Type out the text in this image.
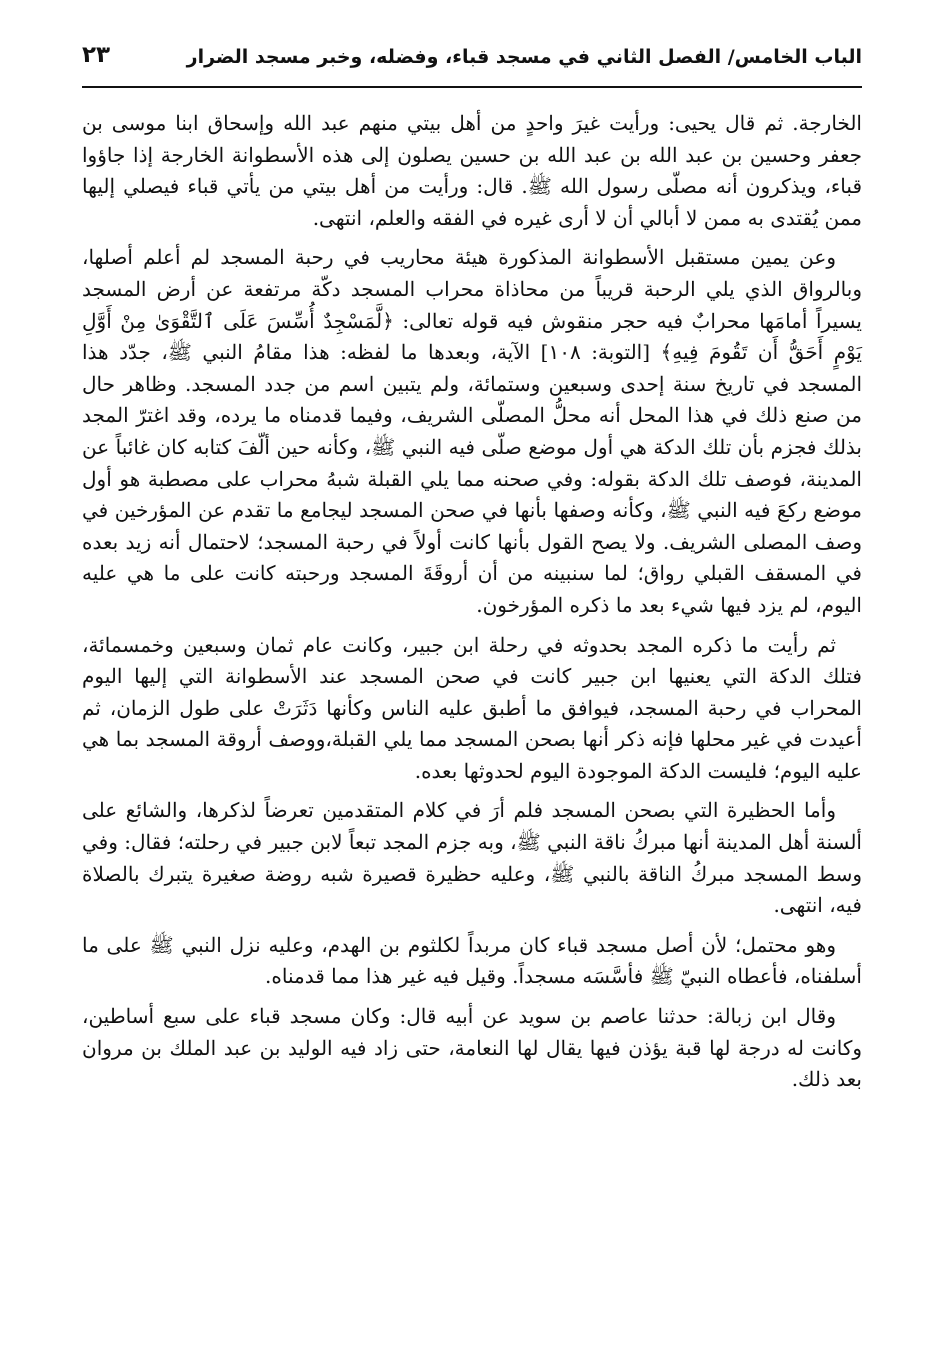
الباب الخامس/ الفصل الثاني في مسجد قباء، وفضله، وخبر مسجد الضرار
٢٣

الخارجة. ثم قال يحيى: ورأيت غيرَ واحدٍ من أهل بيتي منهم عبد الله وإسحاق ابنا موسى بن جعفر وحسين بن عبد الله بن عبد الله بن حسين يصلون إلى هذه الأسطوانة الخارجة إذا جاؤوا قباء، ويذكرون أنه مصلّى رسول الله ﷺ. قال: ورأيت من أهل بيتي من يأتي قباء فيصلي إليها ممن يُقتدى به ممن لا أبالي أن لا أرى غيره في الفقه والعلم، انتهى.

وعن يمين مستقبل الأسطوانة المذكورة هيئة محاريب في رحبة المسجد لم أعلم أصلها، وبالرواق الذي يلي الرحبة قريباً من محاذاة محراب المسجد دكّة مرتفعة عن أرض المسجد يسيراً أمامَها محرابٌ فيه حجر منقوش فيه قوله تعالى: ﴿لَّمَسْجِدٌ أُسِّسَ عَلَى ٱلتَّقْوَىٰ مِنْ أَوَّلِ يَوْمٍ أَحَقُّ أَن تَقُومَ فِيهِ﴾ [التوبة: ١٠٨] الآية، وبعدها ما لفظه: هذا مقامُ النبي ﷺ، جدّد هذا المسجد في تاريخ سنة إحدى وسبعين وستمائة، ولم يتبين اسم من جدد المسجد. وظاهر حال من صنع ذلك في هذا المحل أنه محلُّ المصلّى الشريف، وفيما قدمناه ما يرده، وقد اغترّ المجد بذلك فجزم بأن تلك الدكة هي أول موضع صلّى فيه النبي ﷺ، وكأنه حين ألّفَ كتابه كان غائباً عن المدينة، فوصف تلك الدكة بقوله: وفي صحنه مما يلي القبلة شبهُ محراب على مصطبة هو أول موضع ركعَ فيه النبي ﷺ، وكأنه وصفها بأنها في صحن المسجد ليجامع ما تقدم عن المؤرخين في وصف المصلى الشريف. ولا يصح القول بأنها كانت أولاً في رحبة المسجد؛ لاحتمال أنه زيد بعده في المسقف القبلي رواق؛ لما سنبينه من أن أروقَةَ المسجد ورحبته كانت على ما هي عليه اليوم، لم يزد فيها شيء بعد ما ذكره المؤرخون.

ثم رأيت ما ذكره المجد بحدوثه في رحلة ابن جبير، وكانت عام ثمان وسبعين وخمسمائة، فتلك الدكة التي يعنيها ابن جبير كانت في صحن المسجد عند الأسطوانة التي إليها اليوم المحراب في رحبة المسجد، فيوافق ما أطبق عليه الناس وكأنها دَثَرَتْ على طول الزمان، ثم أعيدت في غير محلها فإنه ذكر أنها بصحن المسجد مما يلي القبلة،ووصف أروقة المسجد بما هي عليه اليوم؛ فليست الدكة الموجودة اليوم لحدوثها بعده.

وأما الحظيرة التي بصحن المسجد فلم أرَ في كلام المتقدمين تعرضاً لذكرها، والشائع على ألسنة أهل المدينة أنها مبركُ ناقة النبي ﷺ، وبه جزم المجد تبعاً لابن جبير في رحلته؛ فقال: وفي وسط المسجد مبركُ الناقة بالنبي ﷺ، وعليه حظيرة قصيرة شبه روضة صغيرة يتبرك بالصلاة فيه، انتهى.

وهو محتمل؛ لأن أصل مسجد قباء كان مربداً لكلثوم بن الهدم، وعليه نزل النبي ﷺ على ما أسلفناه، فأعطاه النبيّ ﷺ فأسَّسَه مسجداً. وقيل فيه غير هذا مما قدمناه.

وقال ابن زبالة: حدثنا عاصم بن سويد عن أبيه قال: وكان مسجد قباء على سبع أساطين، وكانت له درجة لها قبة يؤذن فيها يقال لها النعامة، حتى زاد فيه الوليد بن عبد الملك بن مروان بعد ذلك.
